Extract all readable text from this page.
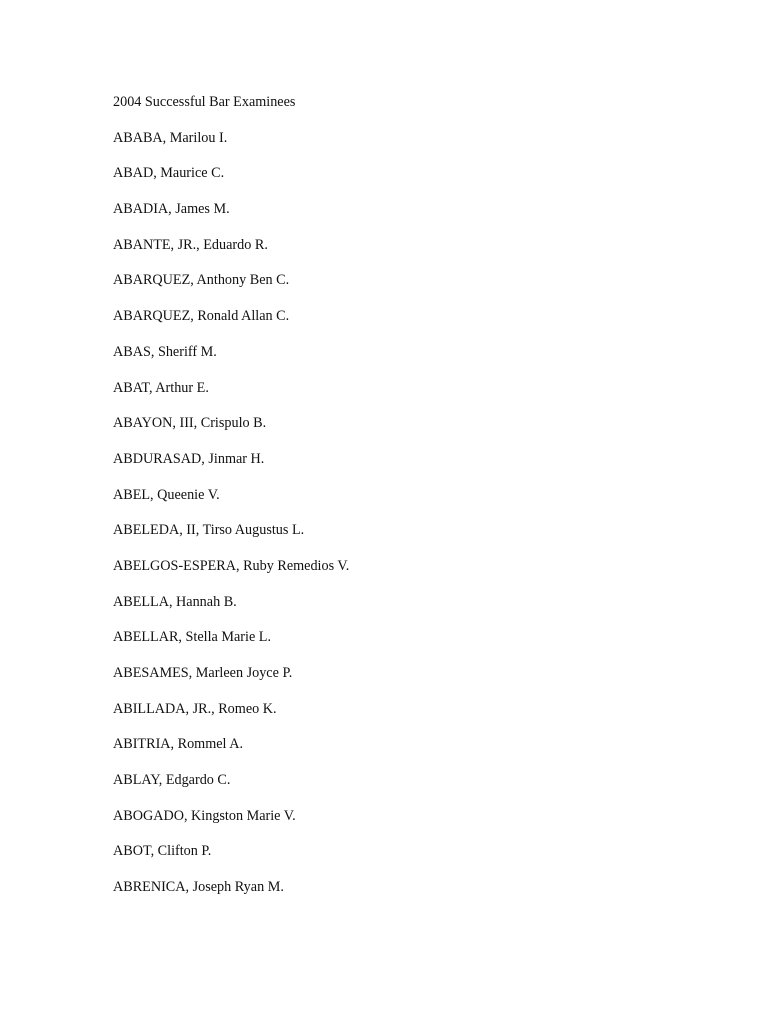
2004 Successful Bar Examinees
ABABA, Marilou I.
ABAD, Maurice C.
ABADIA, James M.
ABANTE, JR., Eduardo R.
ABARQUEZ, Anthony Ben C.
ABARQUEZ, Ronald Allan C.
ABAS, Sheriff M.
ABAT, Arthur E.
ABAYON, III, Crispulo B.
ABDURASAD, Jinmar H.
ABEL, Queenie V.
ABELEDA, II, Tirso Augustus L.
ABELGOS-ESPERA, Ruby Remedios V.
ABELLA, Hannah B.
ABELLAR, Stella Marie L.
ABESAMES, Marleen Joyce P.
ABILLADA, JR., Romeo K.
ABITRIA, Rommel A.
ABLAY, Edgardo C.
ABOGADO, Kingston Marie V.
ABOT, Clifton P.
ABRENICA, Joseph Ryan M.
